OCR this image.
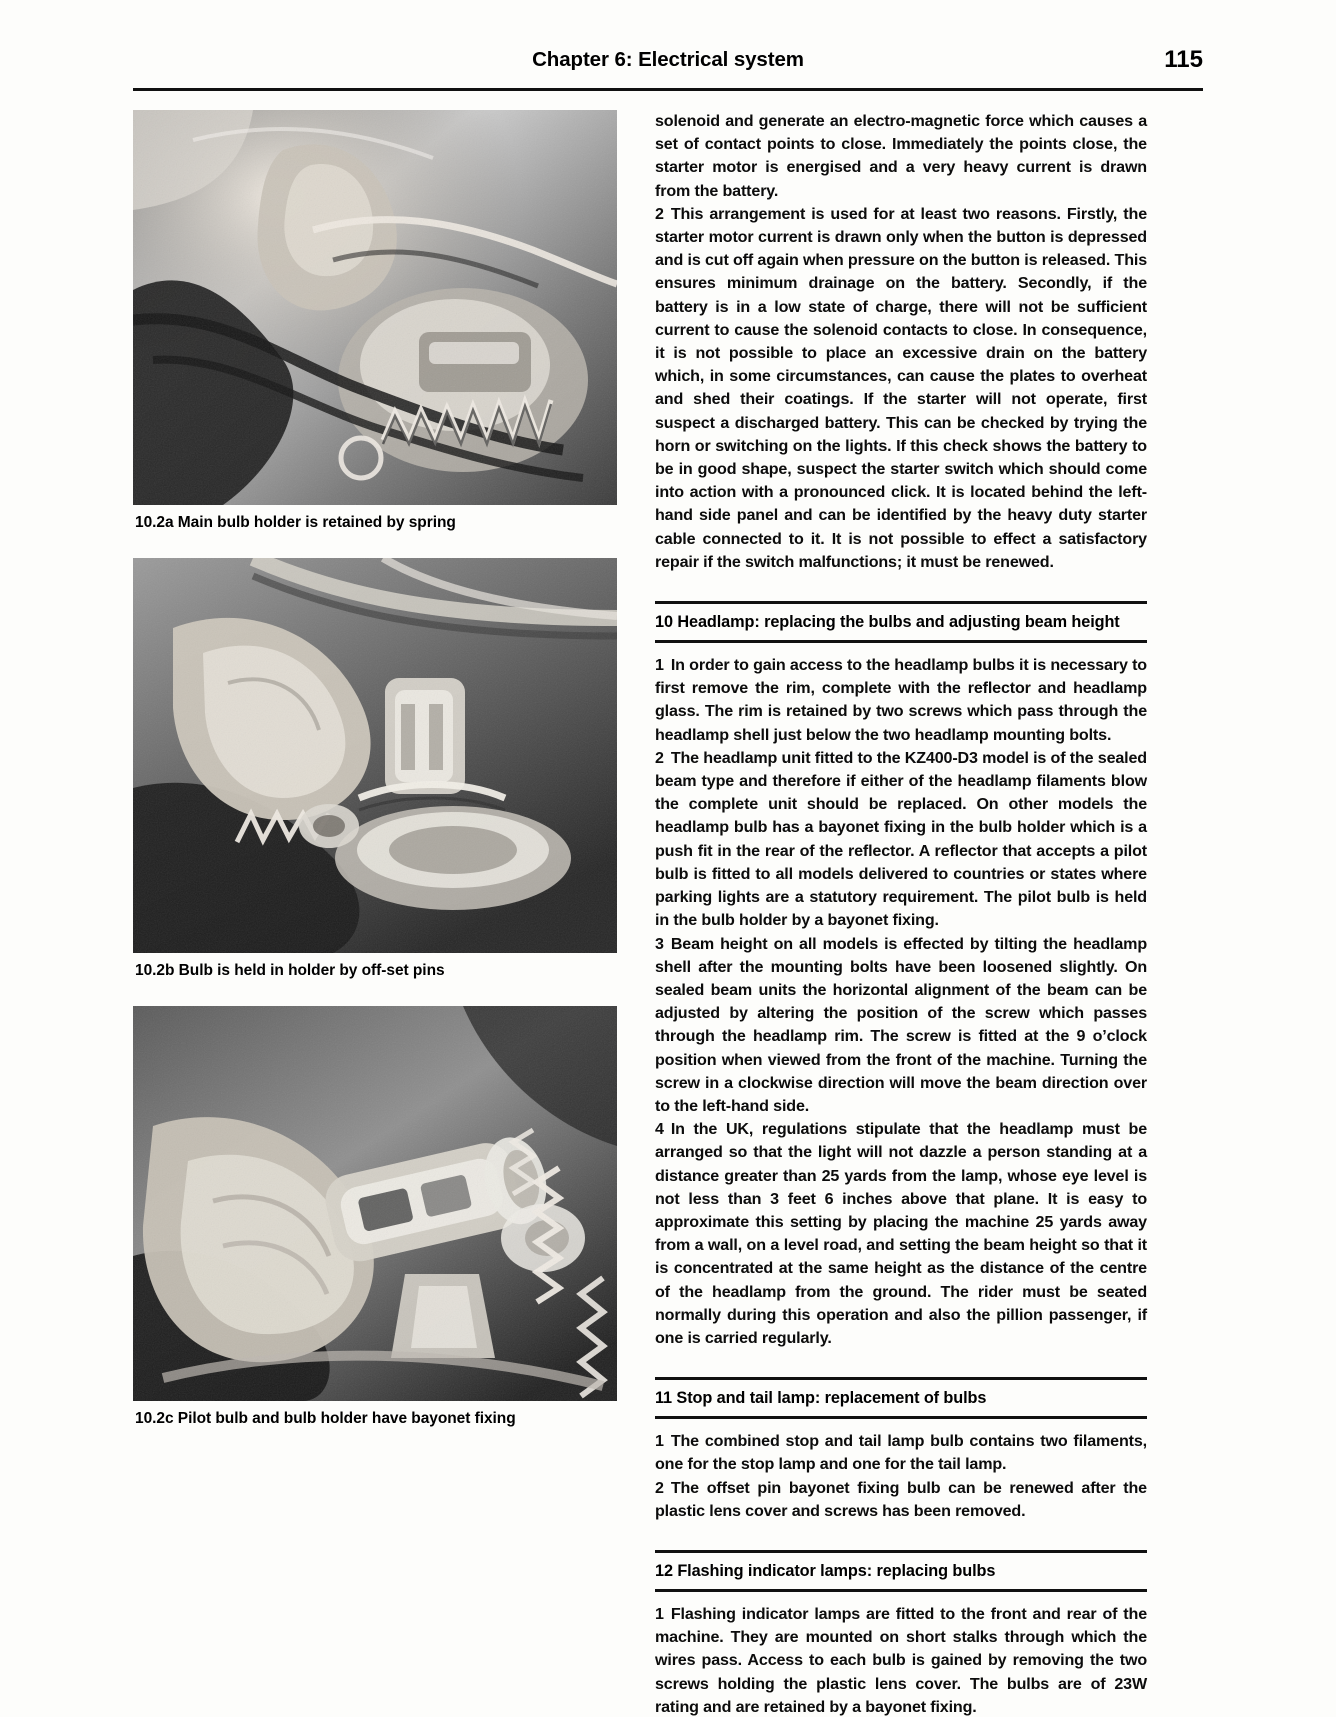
Chapter 6: Electrical system	115
10.2a Main bulb holder is retained by spring
10.2b Bulb is held in holder by off-set pins
10.2c Pilot bulb and bulb holder have bayonet fixing

solenoid and generate an electro-magnetic force which causes a set of contact points to close. Immediately the points close, the starter motor is energised and a very heavy current is drawn from the battery.

2 This arrangement is used for at least two reasons. Firstly, the starter motor current is drawn only when the button is depressed and is cut off again when pressure on the button is released. This ensures minimum drainage on the battery. Secondly, if the battery is in a low state of charge, there will not be sufficient current to cause the solenoid contacts to close. In consequence, it is not possible to place an excessive drain on the battery which, in some circumstances, can cause the plates to overheat and shed their coatings. If the starter will not operate, first suspect a discharged battery. This can be checked by trying the horn or switching on the lights. If this check shows the battery to be in good shape, suspect the starter switch which should come into action with a pronounced click. It is located behind the left-hand side panel and can be identified by the heavy duty starter cable connected to it. It is not possible to effect a satisfactory repair if the switch malfunctions; it must be renewed.

10 Headlamp: replacing the bulbs and adjusting beam height

1 In order to gain access to the headlamp bulbs it is necessary to first remove the rim, complete with the reflector and headlamp glass. The rim is retained by two screws which pass through the headlamp shell just below the two headlamp mounting bolts.

2 The headlamp unit fitted to the KZ400-D3 model is of the sealed beam type and therefore if either of the headlamp filaments blow the complete unit should be replaced. On other models the headlamp bulb has a bayonet fixing in the bulb holder which is a push fit in the rear of the reflector. A reflector that accepts a pilot bulb is fitted to all models delivered to countries or states where parking lights are a statutory requirement. The pilot bulb is held in the bulb holder by a bayonet fixing.

3 Beam height on all models is effected by tilting the headlamp shell after the mounting bolts have been loosened slightly. On sealed beam units the horizontal alignment of the beam can be adjusted by altering the position of the screw which passes through the headlamp rim. The screw is fitted at the 9 o’clock position when viewed from the front of the machine. Turning the screw in a clockwise direction will move the beam direction over to the left-hand side.

4 In the UK, regulations stipulate that the headlamp must be arranged so that the light will not dazzle a person standing at a distance greater than 25 yards from the lamp, whose eye level is not less than 3 feet 6 inches above that plane. It is easy to approximate this setting by placing the machine 25 yards away from a wall, on a level road, and setting the beam height so that it is concentrated at the same height as the distance of the centre of the headlamp from the ground. The rider must be seated normally during this operation and also the pillion passenger, if one is carried regularly.

11 Stop and tail lamp: replacement of bulbs

1 The combined stop and tail lamp bulb contains two filaments, one for the stop lamp and one for the tail lamp.

2 The offset pin bayonet fixing bulb can be renewed after the plastic lens cover and screws has been removed.

12 Flashing indicator lamps: replacing bulbs

1 Flashing indicator lamps are fitted to the front and rear of the machine. They are mounted on short stalks through which the wires pass. Access to each bulb is gained by removing the two screws holding the plastic lens cover. The bulbs are of 23W rating and are retained by a bayonet fixing.
